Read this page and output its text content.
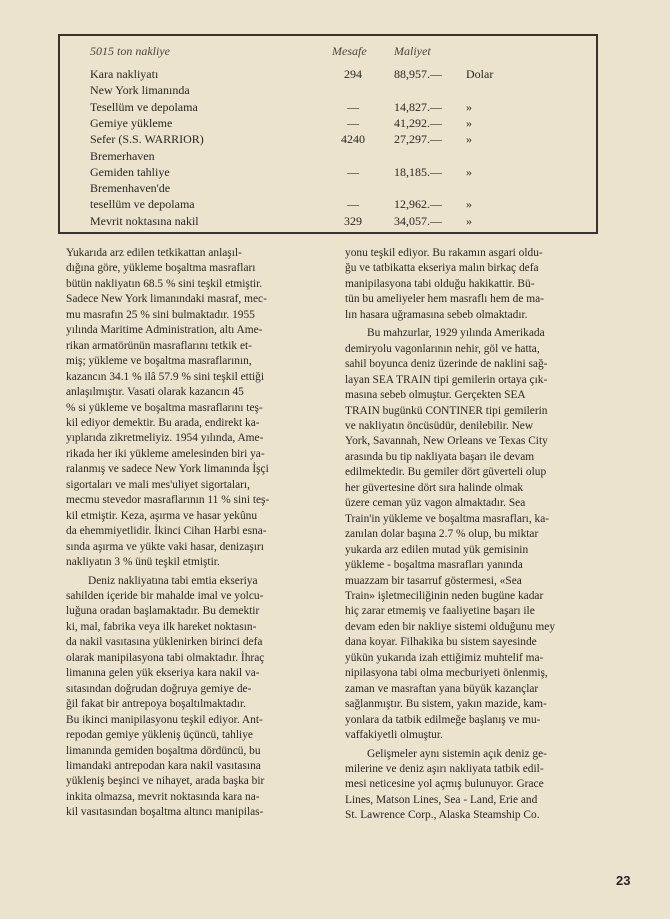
5015 ton nakliye	Mesafe Maliyet
Kara nakliyatı	294	88,957.—	Dolar
New York limanında
Tesellüm ve depolama	—	14,827.—	»
Gemiye yükleme	—	41,292.—	»
Sefer (S.S. WARRIOR)	4240	27,297.—	»
Bremerhaven
Gemiden tahliye	—	18,185.—	»
Bremenhaven'de
tesellüm ve depolama	—	12,962.—	»
Mevrit noktasına nakil	329	34,057.—	»
Yukarıda arz edilen tetkikattan anlaşıl-
dığına göre, yükleme boşaltma masrafları
bütün nakliyatın 68.5 % sini teşkil etmiştir.
Sadece New York limanındaki masraf, mec-
mu masrafın 25 % sini bulmaktadır. 1955
yılında Maritime Administration, altı Ame-
rikan armatörünün masraflarını tetkik et-
miş; yükleme ve boşaltma masraflarının,
kazancın 34.1 % ilâ 57.9 % sini teşkil ettiği
anlaşılmıştır. Vasati olarak kazancın 45
% si yükleme ve boşaltma masraflarını teş-
kil ediyor demektir. Bu arada, endirekt ka-
yıplarıda zikretmeliyiz. 1954 yılında, Ame-
rikada her iki yükleme amelesinden biri ya-
ralanmış ve sadece New York limanında İşçi
sigortaları ve mali mes'uliyet sigortaları,
mecmu stevedor masraflarının 11 % sini teş-
kil etmiştir. Keza, aşırma ve hasar yekûnu
da ehemmiyetlidir. İkinci Cihan Harbi esna-
sında aşırma ve yükte vaki hasar, denizaşırı
nakliyatın 3 % ünü teşkil etmiştir.
Deniz nakliyatına tabi emtia ekseriya
sahilden içeride bir mahalde imal ve yolcu-
luğuna oradan başlamaktadır. Bu demektir
ki, mal, fabrika veya ilk hareket noktasın-
da nakil vasıtasına yüklenirken birinci defa
olarak manipilasyona tabi olmaktadır. İhraç
limanına gelen yük ekseriya kara nakil va-
sıtasından doğrudan doğruya gemiye de-
ğil fakat bir antrepoya boşaltılmaktadır.
Bu ikinci manipilasyonu teşkil ediyor. Ant-
repodan gemiye yükleniş üçüncü, tahliye
limanında gemiden boşaltma dördüncü, bu
limandaki antrepodan kara nakil vasıtasına
yükleniş beşinci ve nihayet, arada başka bir
inkita olmazsa, mevrit noktasında kara na-
kil vasıtasından boşaltma altıncı manipilas-
yonu teşkil ediyor. Bu rakamın asgari oldu-
ğu ve tatbikatta ekseriya malın birkaç defa
manipilasyona tabi olduğu hakikattir. Bü-
tün bu ameliyeler hem masraflı hem de ma-
lın hasara uğramasına sebeb olmaktadır.
Bu mahzurlar, 1929 yılında Amerikada
demiryolu vagonlarının nehir, göl ve hatta,
sahil boyunca deniz üzerinde de naklini sağ-
layan SEA TRAIN tipi gemilerin ortaya çık-
masına sebeb olmuştur. Gerçekten SEA
TRAIN bugünkü CONTINER tipi gemilerin
ve nakliyatın öncüsüdür, denilebilir. New
York, Savannah, New Orleans ve Texas City
arasında bu tip nakliyata başarı ile devam
edilmektedir. Bu gemiler dört güverteli olup
her güvertesine dört sıra halinde olmak
üzere ceman yüz vagon almaktadır. Sea
Train'in yükleme ve boşaltma masrafları, ka-
zanılan dolar başına 2.7 % olup, bu miktar
yukarda arz edilen mutad yük gemisinin
yükleme - boşaltma masrafları yanında
muazzam bir tasarruf göstermesi, «Sea
Train» işletmeciliğinin neden bugüne kadar
hiç zarar etmemiş ve faaliyetine başarı ile
devam eden bir nakliye sistemi olduğunu mey
dana koyar. Filhakika bu sistem sayesinde
yükün yukarıda izah ettiğimiz muhtelif ma-
nipilasyona tabi olma mecburiyeti önlenmiş,
zaman ve masraftan yana büyük kazançlar
sağlanmıştır. Bu sistem, yakın mazide, kam-
yonlara da tatbik edilmeğe başlanış ve mu-
vaffakiyetli olmuştur.
Gelişmeler aynı sistemin açık deniz ge-
milerine ve deniz aşırı nakliyata tatbik edil-
mesi neticesine yol açmış bulunuyor. Grace
Lines, Matson Lines, Sea - Land, Erie and
St. Lawrence Corp., Alaska Steamship Co.
23
